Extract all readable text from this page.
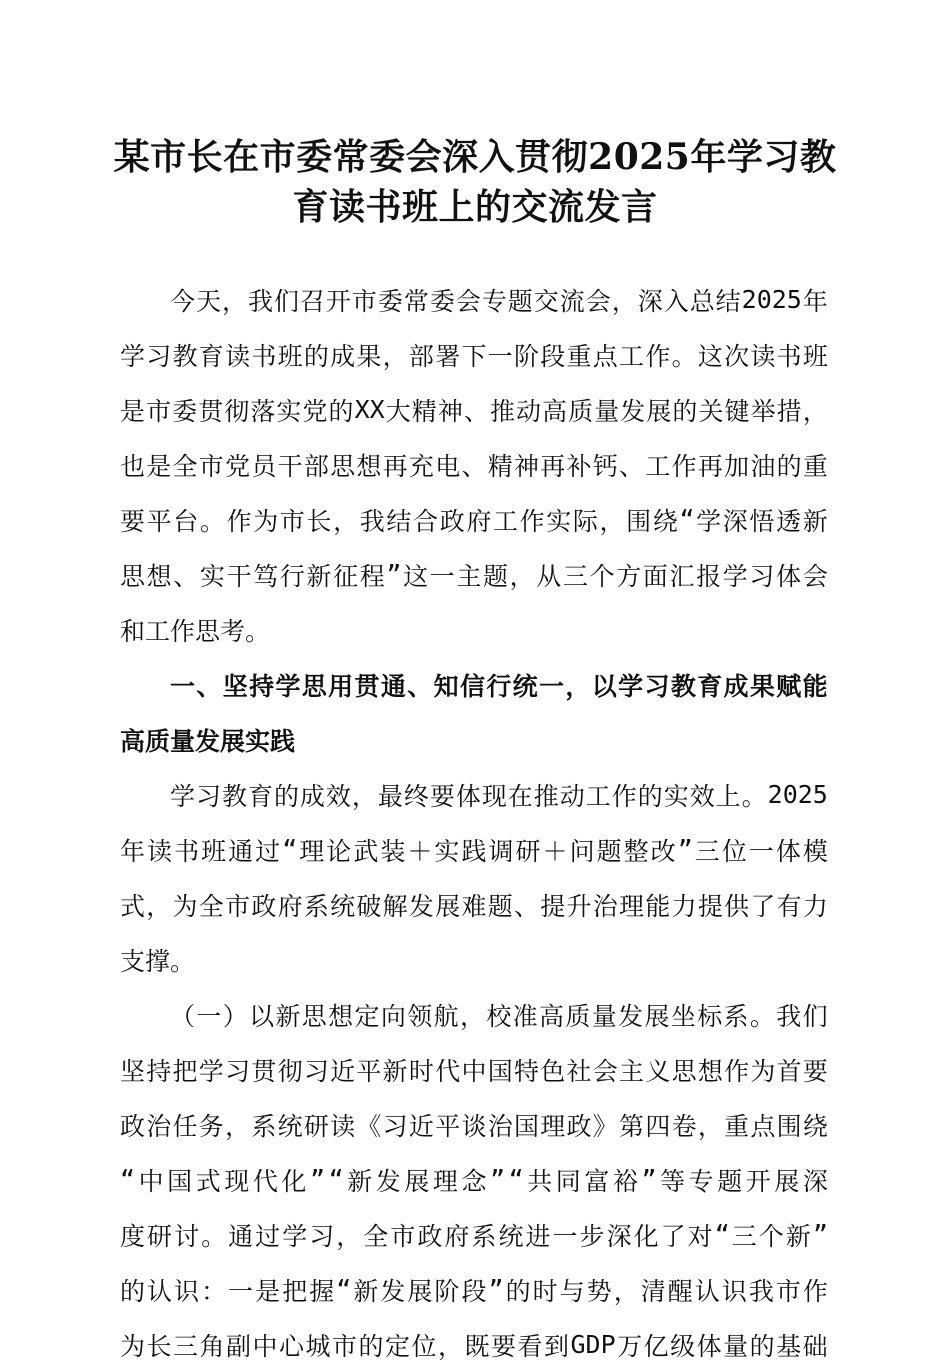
某市长在市委常委会深入贯彻2025年学习教
育读书班上的交流发言
今 天 ， 我 们 召 开 市 委 常 委 会 专 题 交 流 会 ， 深 入 总 结 2025 年
学 习 教 育 读 书 班 的 成 果 ， 部 署 下 一 阶 段 重 点 工 作 。 这 次 读 书 班
是 市 委 贯 彻 落 实 党 的 XX 大 精 神 、 推 动 高 质 量 发 展 的 关 键 举 措 ，
也 是 全 市 党 员 干 部 思 想 再 充 电 、 精 神 再 补 钙 、 工 作 再 加 油 的 重
要 平 台 。 作 为 市 长 ， 我 结 合 政 府 工 作 实 际 ， 围 绕 “ 学 深 悟 透 新
思 想 、 实 干 笃 行 新 征 程 ” 这 一 主 题 ， 从 三 个 方 面 汇 报 学 习 体 会
和工作思考。
一 、 坚 持 学 思 用 贯 通 、 知 信 行 统 一 ， 以 学 习 教 育 成 果 赋 能
高质量发展实践
学 习 教 育 的 成 效 ， 最 终 要 体 现 在 推 动 工 作 的 实 效 上 。 2025
年 读 书 班 通 过 “ 理 论 武 装 ＋ 实 践 调 研 ＋ 问 题 整 改 ” 三 位 一 体 模
式 ， 为 全 市 政 府 系 统 破 解 发 展 难 题 、 提 升 治 理 能 力 提 供 了 有 力
支撑。
（ 一 ） 以 新 思 想 定 向 领 航 ， 校 准 高 质 量 发 展 坐 标 系 。 我 们
坚 持 把 学 习 贯 彻 习 近 平 新 时 代 中 国 特 色 社 会 主 义 思 想 作 为 首 要
政 治 任 务 ， 系 统 研 读 《 习 近 平 谈 治 国 理 政 》 第 四 卷 ， 重 点 围 绕
“ 中 国 式 现 代 化 ” “ 新 发 展 理 念 ” “ 共 同 富 裕 ” 等 专 题 开 展 深
度 研 讨 。 通 过 学 习 ， 全 市 政 府 系 统 进 一 步 深 化 了 对 “ 三 个 新 ”
的 认 识 ： 一 是 把 握 “ 新 发 展 阶 段 ” 的 时 与 势 ， 清 醒 认 识 我 市 作
为 长 三 角 副 中 心 城 市 的 定 位 ， 既 要 看 到 GDP 万 亿 级 体 量 的 基 础
